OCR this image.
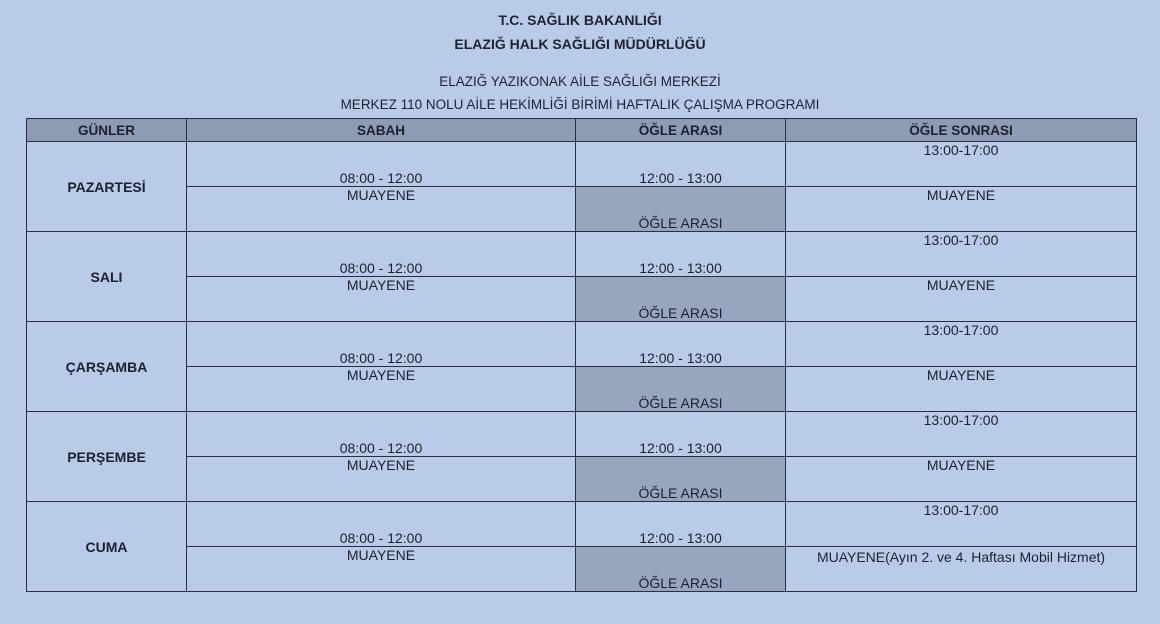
T.C. SAĞLIK BAKANLIĞI
ELAZIĞ HALK SAĞLIĞI MÜDÜRLÜĞÜ
ELAZIĞ YAZIKONAK AİLE SAĞLIĞI MERKEZİ
MERKEZ 110 NOLU AİLE HEKİMLİĞİ BİRİMİ HAFTALIK ÇALIŞMA PROGRAMI
GÜNLER	SABAH	ÖĞLE ARASI	ÖĞLE SONRASI
PAZARTESİ	08:00 - 12:00	12:00 - 13:00	13:00-17:00
	MUAYENE	ÖĞLE ARASI	MUAYENE
SALI	08:00 - 12:00	12:00 - 13:00	13:00-17:00
	MUAYENE	ÖĞLE ARASI	MUAYENE
ÇARŞAMBA	08:00 - 12:00	12:00 - 13:00	13:00-17:00
	MUAYENE	ÖĞLE ARASI	MUAYENE
PERŞEMBE	08:00 - 12:00	12:00 - 13:00	13:00-17:00
	MUAYENE	ÖĞLE ARASI	MUAYENE
CUMA	08:00 - 12:00	12:00 - 13:00	13:00-17:00
	MUAYENE	ÖĞLE ARASI	MUAYENE(Ayın 2. ve 4. Haftası Mobil Hizmet)
